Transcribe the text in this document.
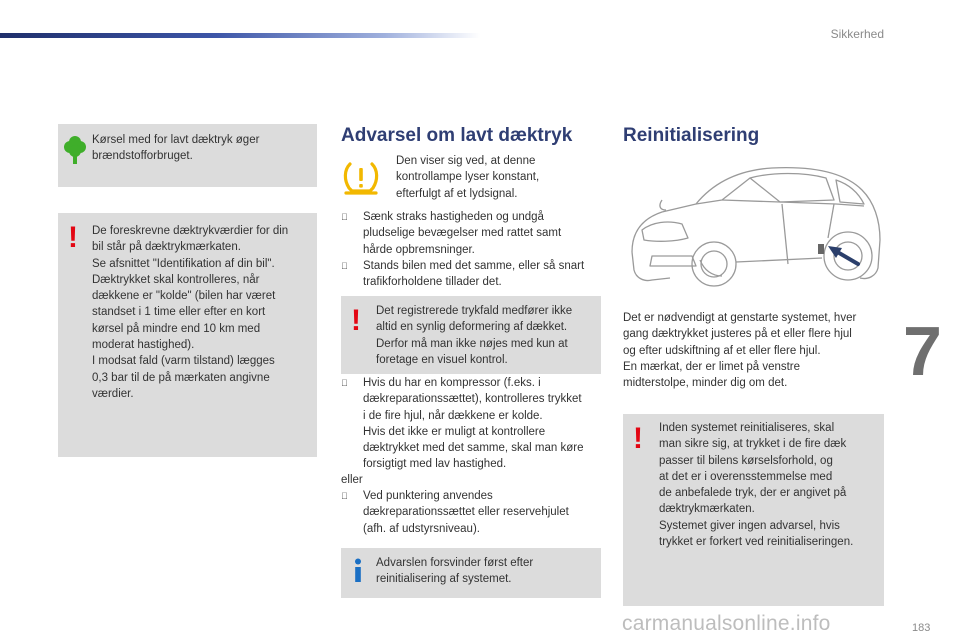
Sikkerhed
Kørsel med for lavt dæktryk øger
brændstofforbruget.
! De foreskrevne dæktrykværdier for din
bil står på dæktrykmærkaten.
Se afsnittet "Identifikation af din bil".
Dæktrykket skal kontrolleres, når
dækkene er "kolde" (bilen har været
standset i 1 time eller efter en kort
kørsel på mindre end 10 km med
moderat hastighed).
I modsat fald (varm tilstand) lægges
0,3 bar til de på mærkaten angivne
værdier.
Advarsel om lavt dæktryk
Den viser sig ved, at denne
kontrollampe lyser konstant,
efterfulgt af et lydsignal.
Sænk straks hastigheden og undgå
pludselige bevægelser med rattet samt
hårde opbremsninger.
Stands bilen med det samme, eller så snart
trafikforholdene tillader det.
! Det registrerede trykfald medfører ikke
altid en synlig deformering af dækket.
Derfor må man ikke nøjes med kun at
foretage en visuel kontrol.
Hvis du har en kompressor (f.eks. i
dækreparationssættet), kontrolleres trykket
i de fire hjul, når dækkene er kolde.
Hvis det ikke er muligt at kontrollere
dæktrykket med det samme, skal man køre
forsigtigt med lav hastighed.
eller
Ved punktering anvendes
dækreparationssættet eller reservehjulet
(afh. af udstyrsniveau).
Advarslen forsvinder først efter
reinitialisering af systemet.
Reinitialisering
Det er nødvendigt at genstarte systemet, hver
gang dæktrykket justeres på et eller flere hjul
og efter udskiftning af et eller flere hjul.
En mærkat, der er limet på venstre
midterstolpe, minder dig om det.
! Inden systemet reinitialiseres, skal
man sikre sig, at trykket i de fire dæk
passer til bilens kørselsforhold, og
at det er i overensstemmelse med
de anbefalede tryk, der er angivet på
dæktrykmærkaten.
Systemet giver ingen advarsel, hvis
trykket er forkert ved reinitialiseringen.
7
183
carmanualsonline.info
